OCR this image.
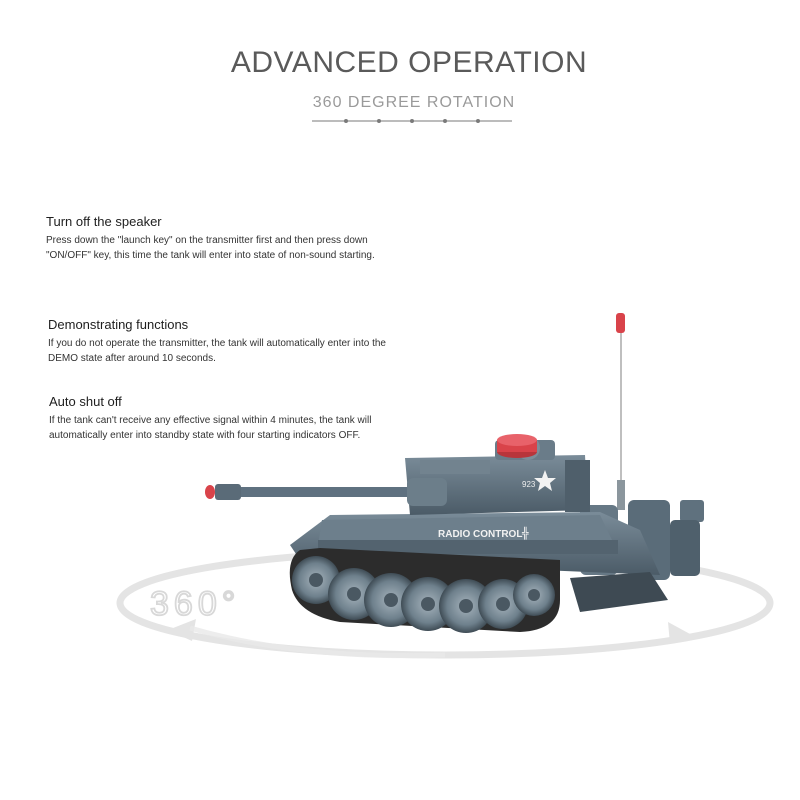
ADVANCED OPERATION
360 DEGREE ROTATION
Turn off the speaker

Press down the "launch key" on the transmitter first and then press down "ON/OFF" key, this time the tank will enter into state of non-sound starting.

Demonstrating functions

If you do not operate the transmitter, the tank will automatically enter into the DEMO state after around 10 seconds.

Auto shut off

If the tank can't receive any effective signal within 4 minutes, the tank will automatically enter into standby state with four starting indicators OFF.

360°
RADIO CONTROL ╬
923
